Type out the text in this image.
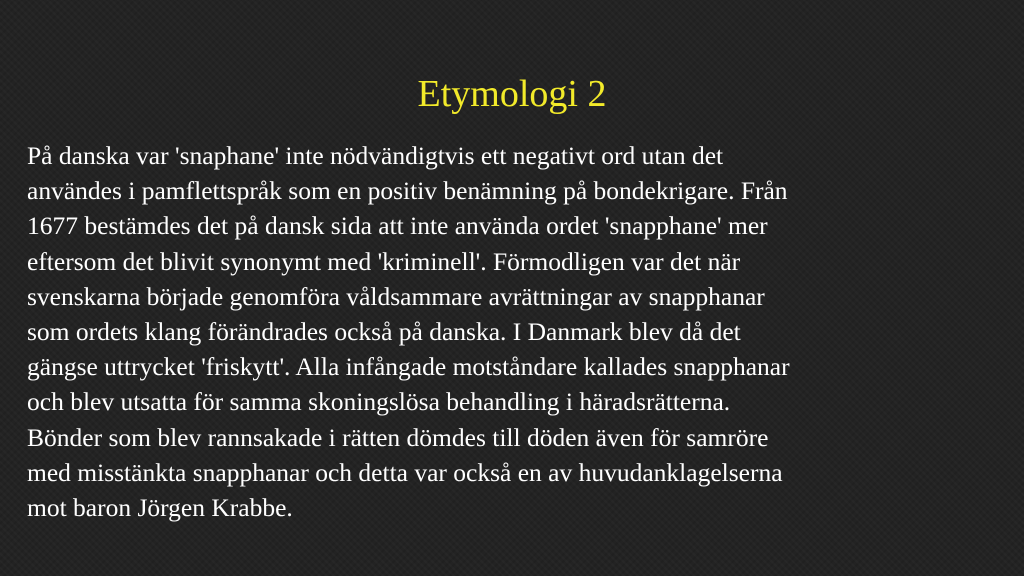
Etymologi 2
På danska var 'snaphane' inte nödvändigtvis ett negativt ord utan det
användes i pamflettspråk som en positiv benämning på bondekrigare. Från
1677 bestämdes det på dansk sida att inte använda ordet 'snapphane' mer
eftersom det blivit synonymt med 'kriminell'. Förmodligen var det när
svenskarna började genomföra våldsammare avrättningar av snapphanar
som ordets klang förändrades också på danska. I Danmark blev då det
gängse uttrycket 'friskytt'. Alla infångade motståndare kallades snapphanar
och blev utsatta för samma skoningslösa behandling i häradsrätterna.
Bönder som blev rannsakade i rätten dömdes till döden även för samröre
med misstänkta snapphanar och detta var också en av huvudanklagelserna
mot baron Jörgen Krabbe.
